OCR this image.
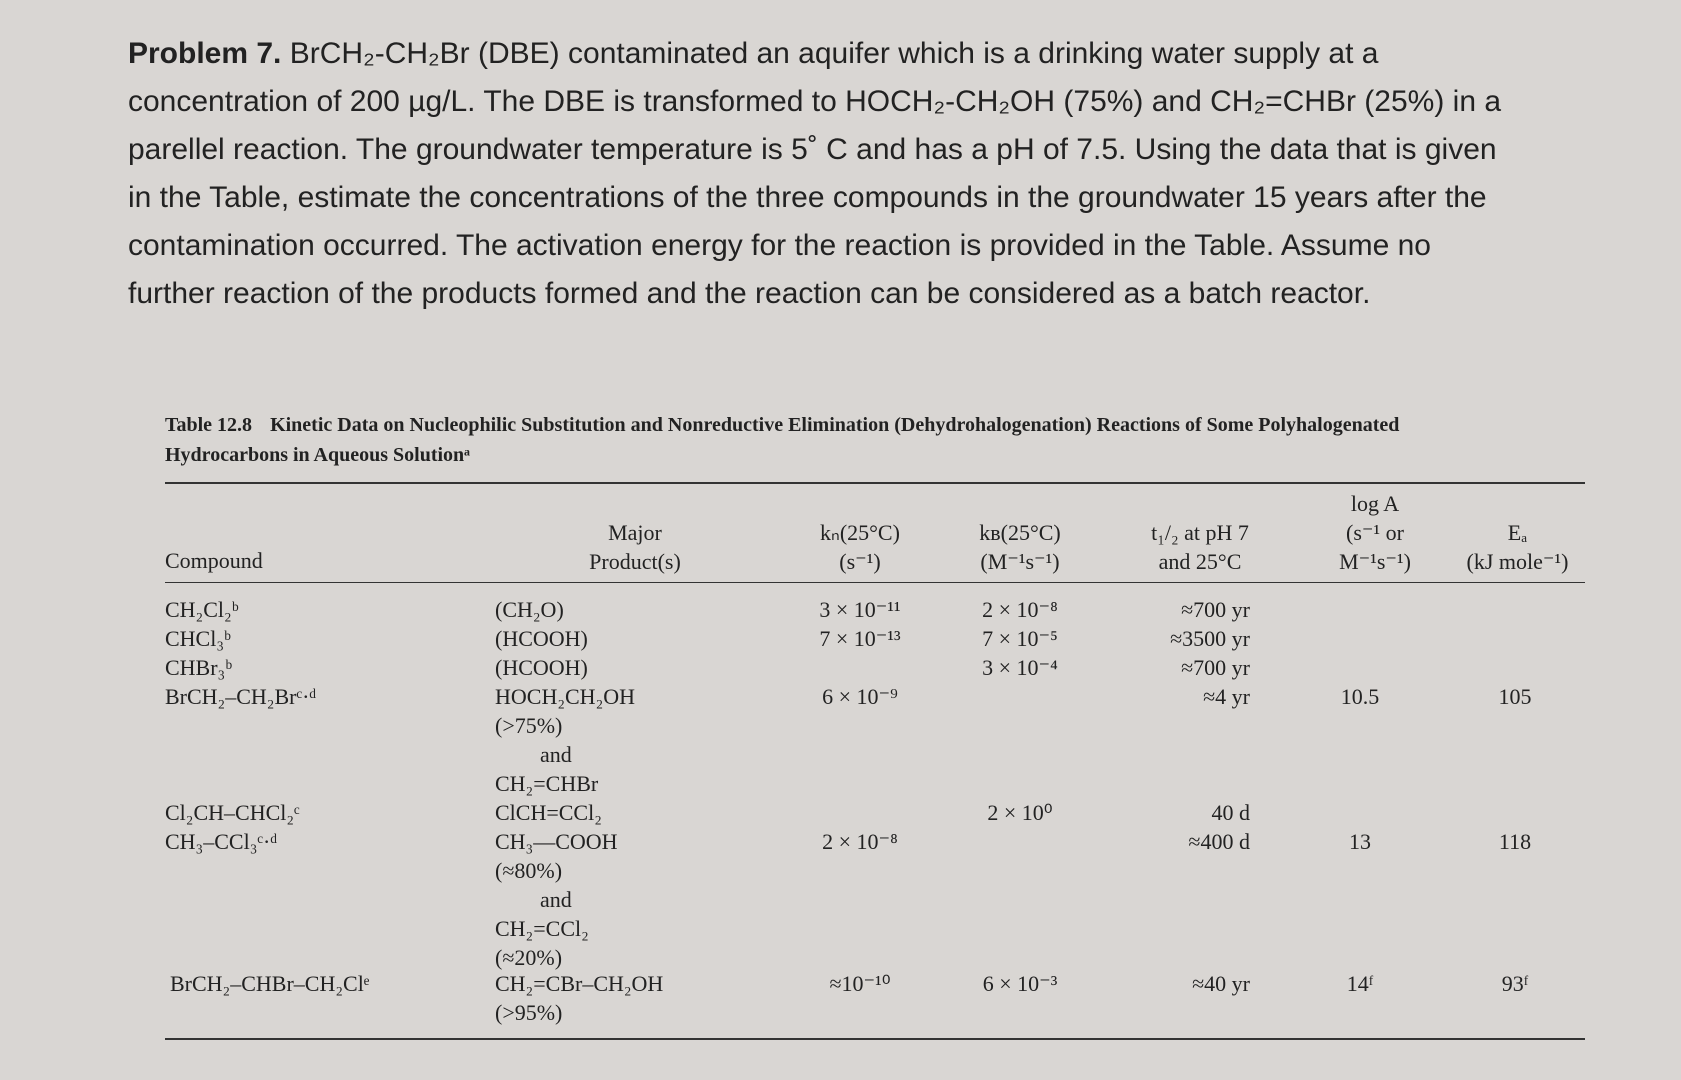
Problem 7. BrCH₂-CH₂Br (DBE) contaminated an aquifer which is a drinking water supply at a
concentration of 200 µg/L. The DBE is transformed to HOCH₂-CH₂OH (75%) and CH₂=CHBr (25%) in a
parellel reaction. The groundwater temperature is 5˚ C and has a pH of 7.5. Using the data that is given
in the Table, estimate the concentrations of the three compounds in the groundwater 15 years after the
contamination occurred. The activation energy for the reaction is provided in the Table. Assume no
further reaction of the products formed and the reaction can be considered as a batch reactor.
Table 12.8 Kinetic Data on Nucleophilic Substitution and Nonreductive Elimination (Dehydrohalogenation) Reactions of Some Polyhalogenated
Hydrocarbons in Aqueous Solutionᵃ
Compound
Major
Product(s)
kₙ(25°C)
(s⁻¹)
kʙ(25°C)
(M⁻¹s⁻¹)
t₁/₂ at pH 7
and 25°C
log A
(s⁻¹ or
M⁻¹s⁻¹)
Eₐ
(kJ mole⁻¹)
CH₂Cl₂ᵇ
CHCl₃ᵇ
CHBr₃ᵇ
BrCH₂–CH₂Brᶜ·ᵈ
Cl₂CH–CHCl₂ᶜ
CH₃–CCl₃ᶜ·ᵈ
BrCH₂–CHBr–CH₂Clᵉ
(CH₂O)
(HCOOH)
(HCOOH)
HOCH₂CH₂OH
(>75%)
and
CH₂=CHBr
ClCH=CCl₂
CH₃—COOH
(≈80%)
and
CH₂=CCl₂
(≈20%)
CH₂=CBr–CH₂OH
(>95%)
3 × 10⁻¹¹
7 × 10⁻¹³
6 × 10⁻⁹
2 × 10⁻⁸
≈10⁻¹⁰
2 × 10⁻⁸
7 × 10⁻⁵
3 × 10⁻⁴
2 × 10⁰
6 × 10⁻³
≈700 yr
≈3500 yr
≈700 yr
≈4 yr
40 d
≈400 d
≈40 yr
10.5
13
14ᶠ
105
118
93ᶠ
